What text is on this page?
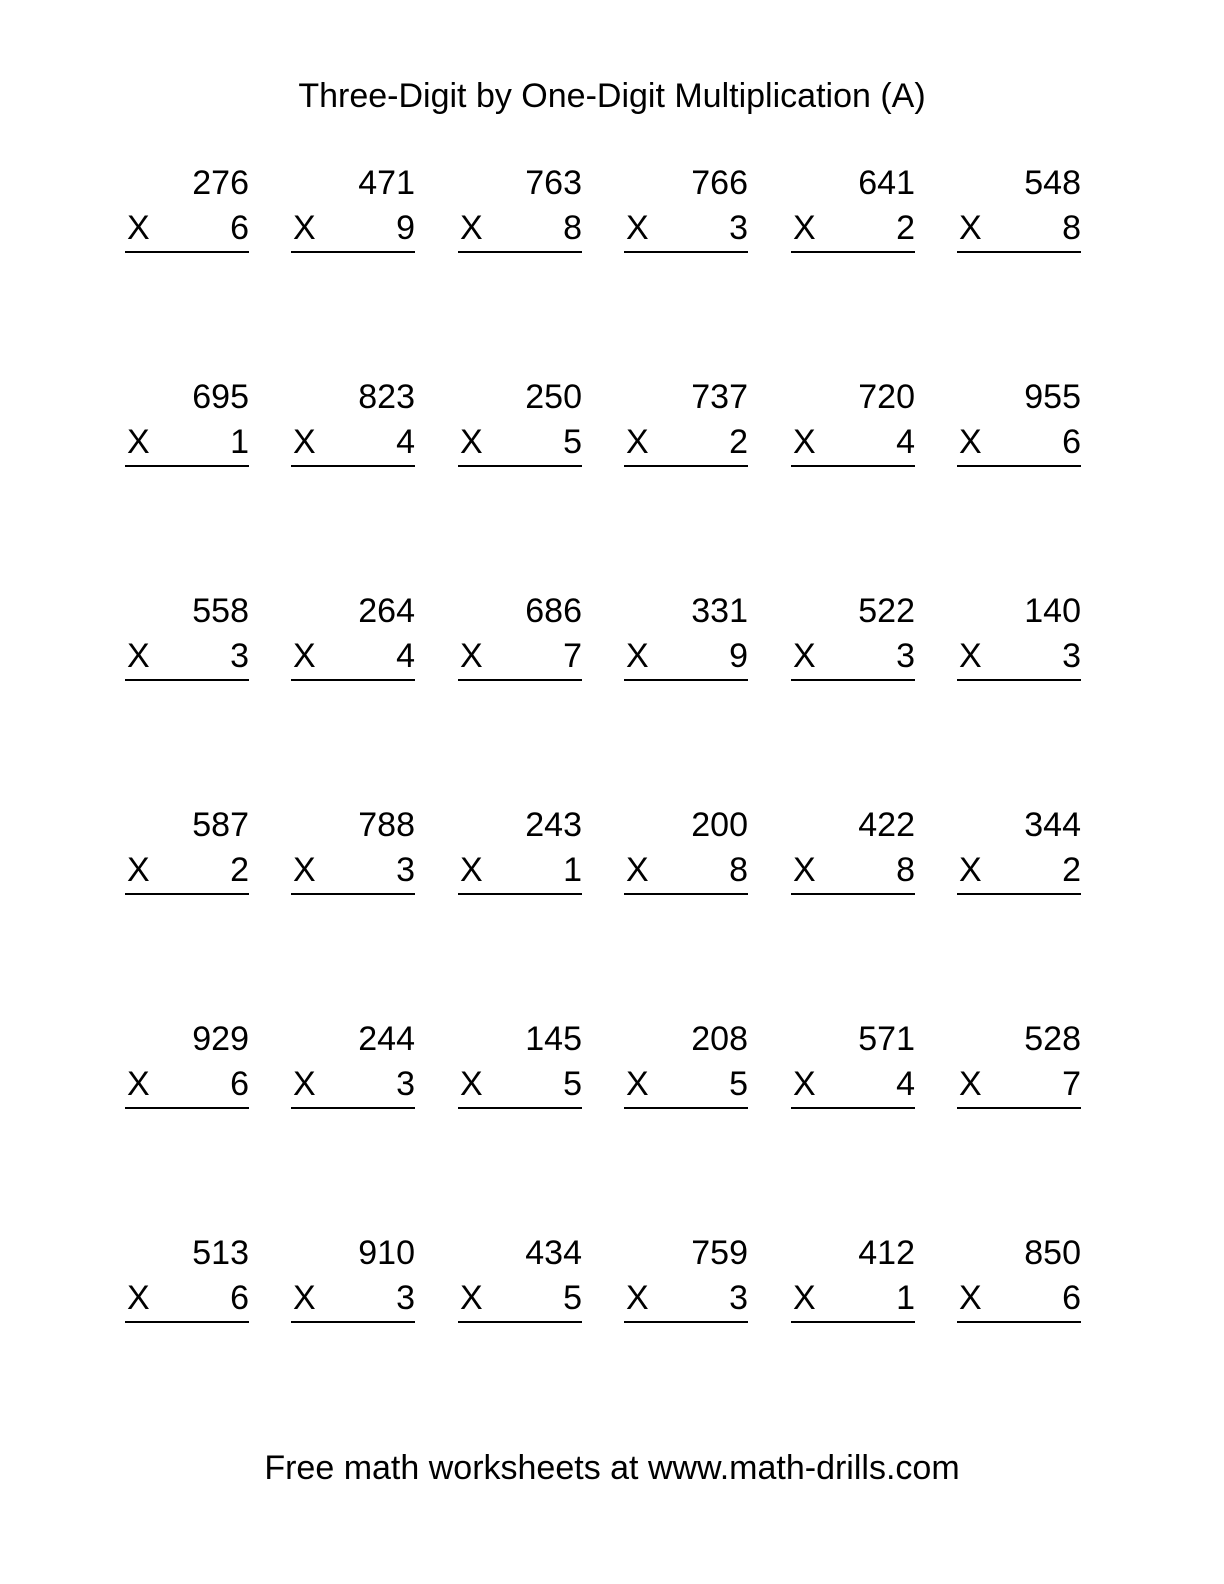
Three-Digit by One-Digit Multiplication (A)
276
X 6
471
X 9
763
X 8
766
X 3
641
X 2
548
X 8
695
X 1
823
X 4
250
X 5
737
X 2
720
X 4
955
X 6
558
X 3
264
X 4
686
X 7
331
X 9
522
X 3
140
X 3
587
X 2
788
X 3
243
X 1
200
X 8
422
X 8
344
X 2
929
X 6
244
X 3
145
X 5
208
X 5
571
X 4
528
X 7
513
X 6
910
X 3
434
X 5
759
X 3
412
X 1
850
X 6
Free math worksheets at www.math-drills.com
